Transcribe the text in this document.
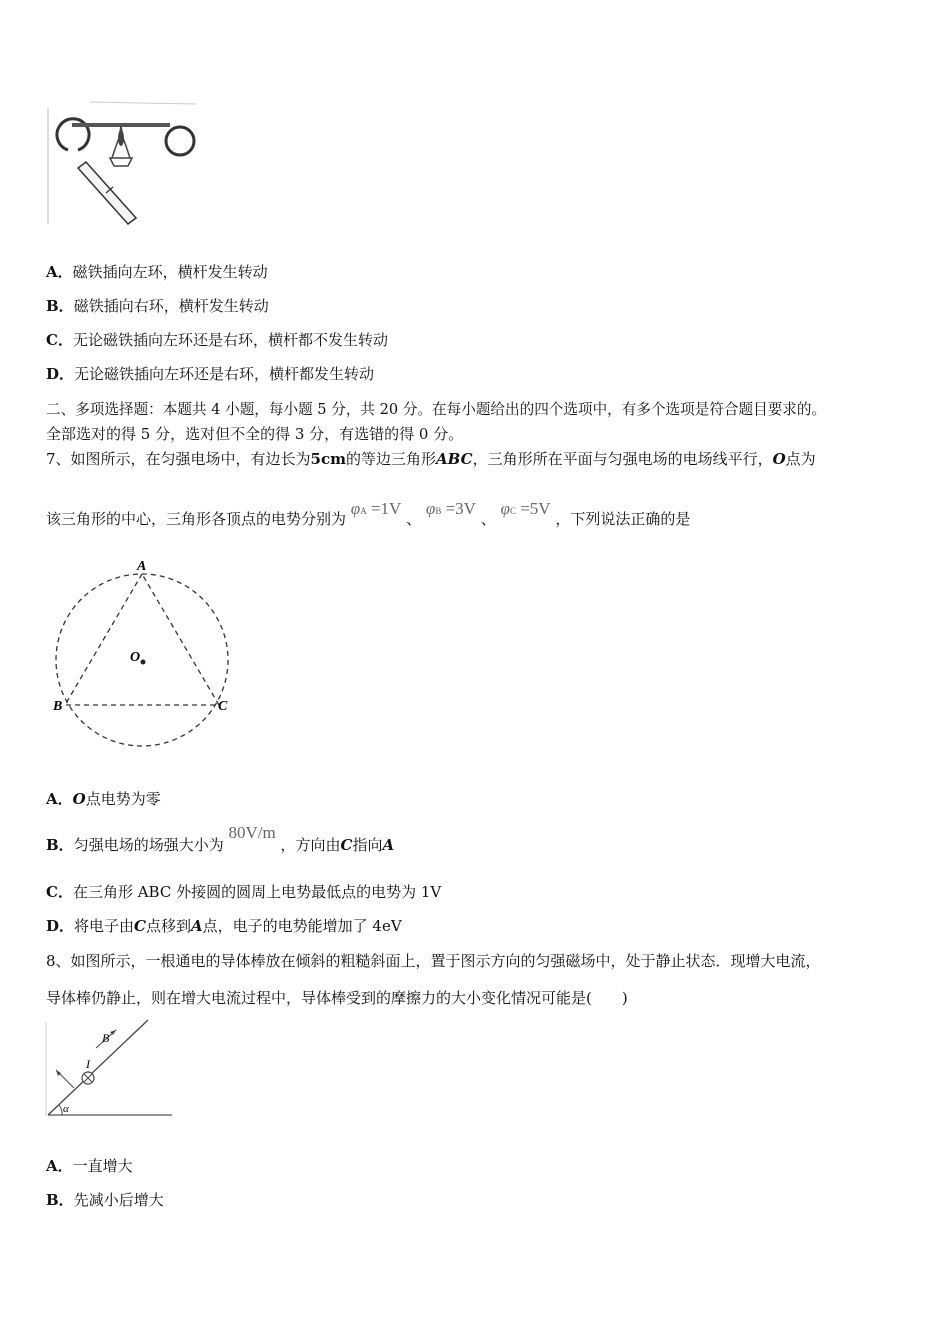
A．磁铁插向左环，横杆发生转动
B．磁铁插向右环，横杆发生转动
C．无论磁铁插向左环还是右环，横杆都不发生转动
D．无论磁铁插向左环还是右环，横杆都发生转动
二、多项选择题：本题共 4 小题，每小题 5 分，共 20 分。在每小题给出的四个选项中，有多个选项是符合题目要求的。
全部选对的得 5 分，选对但不全的得 3 分，有选错的得 0 分。
7、如图所示，在匀强电场中，有边长为5cm的等边三角形ABC，三角形所在平面与匀强电场的电场线平行，O点为
该三角形的中心，三角形各顶点的电势分别为 φA =1V 、 φB =3V 、 φC =5V ，下列说法正确的是
A
B	C
O
A．O点电势为零
B．匀强电场的场强大小为 80V/m ，方向由C指向A
C．在三角形 ABC 外接圆的圆周上电势最低点的电势为 1V
D．将电子由C点移到A点，电子的电势能增加了 4eV
8、如图所示，一根通电的导体棒放在倾斜的粗糙斜面上，置于图示方向的匀强磁场中，处于静止状态．现增大电流，
导体棒仍静止，则在增大电流过程中，导体棒受到的摩擦力的大小变化情况可能是(　　)
B
I
α
A．一直增大
B．先减小后增大
